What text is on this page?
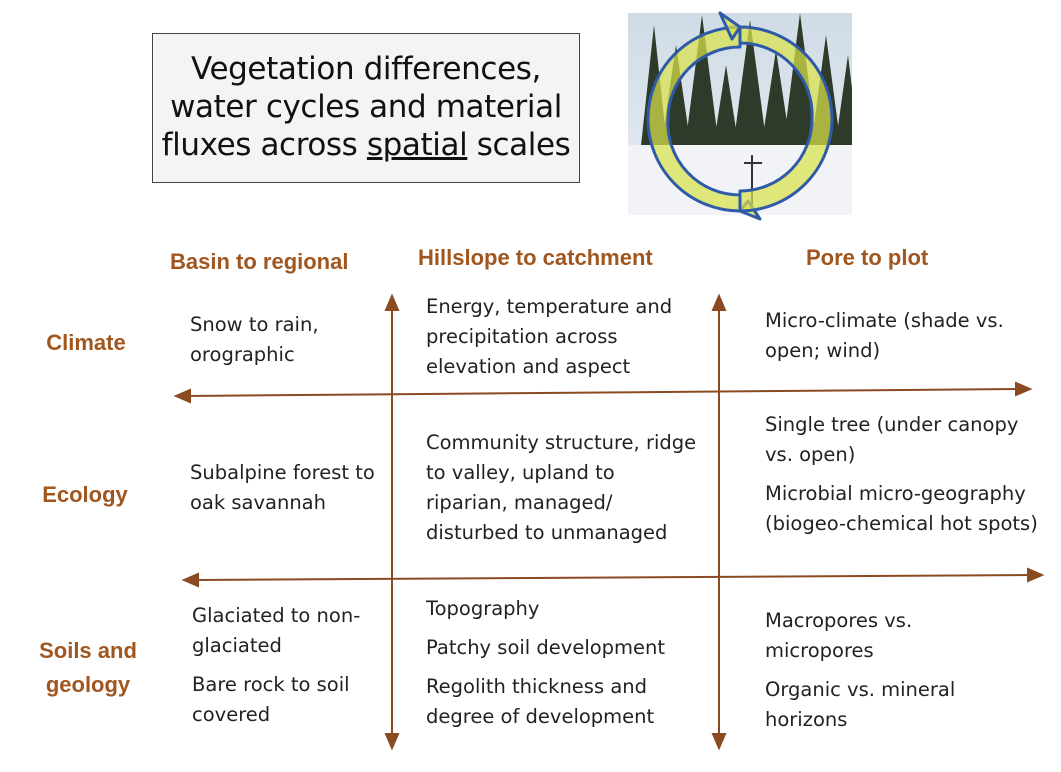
Vegetation differences,
water cycles and material
fluxes across spatial scales
Basin to regional	Hillslope to catchment	Pore to plot
Climate
Ecology
Soils and geology

Snow to rain, orographic

Energy, temperature and precipitation across elevation and aspect

Micro-climate (shade vs. open; wind)

Subalpine forest to oak savannah

Community structure, ridge to valley, upland to riparian, managed/ disturbed to unmanaged

Single tree (under canopy vs. open)

Microbial micro-geography (biogeo-chemical hot spots)

Glaciated to non-glaciated

Bare rock to soil covered

Topography

Patchy soil development

Regolith thickness and degree of development

Macropores vs. micropores

Organic vs. mineral horizons
